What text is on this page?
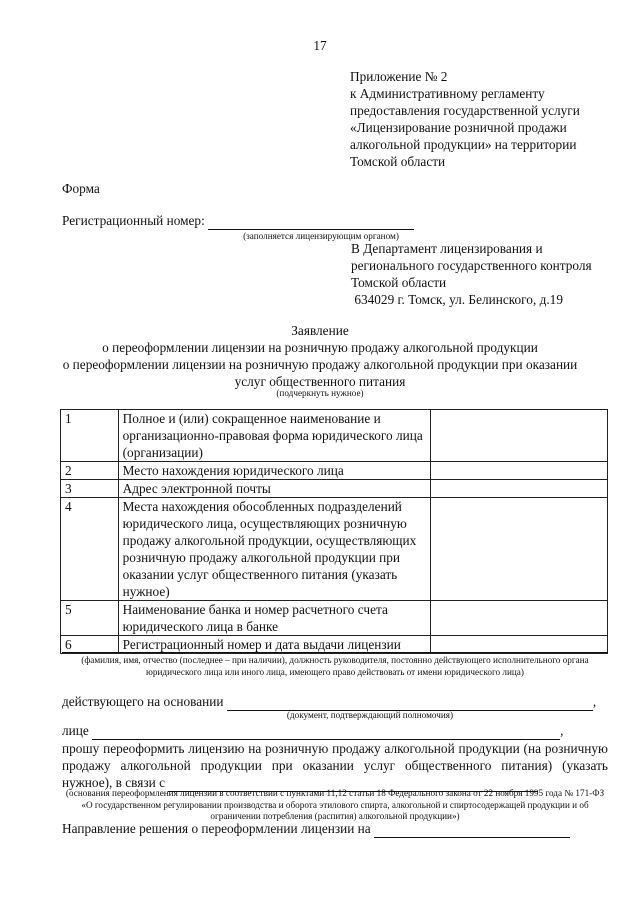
17
Приложение № 2
к Административному регламенту
предоставления государственной услуги
«Лицензирование розничной продажи
алкогольной продукции» на территории
Томской области
Форма
Регистрационный номер:
(заполняется лицензирующим органом)
В Департамент лицензирования и
регионального государственного контроля
Томской области
634029 г. Томск, ул. Белинского, д.19
Заявление
о переоформлении лицензии на розничную продажу алкогольной продукции
о переоформлении лицензии на розничную продажу алкогольной продукции при оказании
услуг общественного питания
(подчеркнуть нужное)
1	Полное и (или) сокращенное наименование и организационно-правовая форма юридического лица (организации)	
2	Место нахождения юридического лица	
3	Адрес электронной почты	
4	Места нахождения обособленных подразделений юридического лица, осуществляющих розничную продажу алкогольной продукции, осуществляющих розничную продажу алкогольной продукции при оказании услуг общественного питания (указать нужное)	
5	Наименование банка и номер расчетного счета юридического лица в банке	
6	Регистрационный номер и дата выдачи лицензии	
(фамилия, имя, отчество (последнее – при наличии), должность руководителя, постоянно действующего исполнительного органа юридического лица или иного лица, имеющего право действовать от имени юридического лица)
действующего на основании	,
(документ, подтверждающий полномочия)
лице	,
прошу переоформить лицензию на розничную продажу алкогольной продукции (на розничную продажу алкогольной продукции при оказании услуг общественного питания) (указать нужное), в связи с
(основания переоформления лицензии в соответствии с пунктами 11,12 статьи 18 Федерального закона от 22 ноября 1995 года № 171-ФЗ «О государственном регулировании производства и оборота этилового спирта, алкогольной и спиртосодержащей продукции и об ограничении потребления (распития) алкогольной продукции»)
Направление решения о переоформлении лицензии на
